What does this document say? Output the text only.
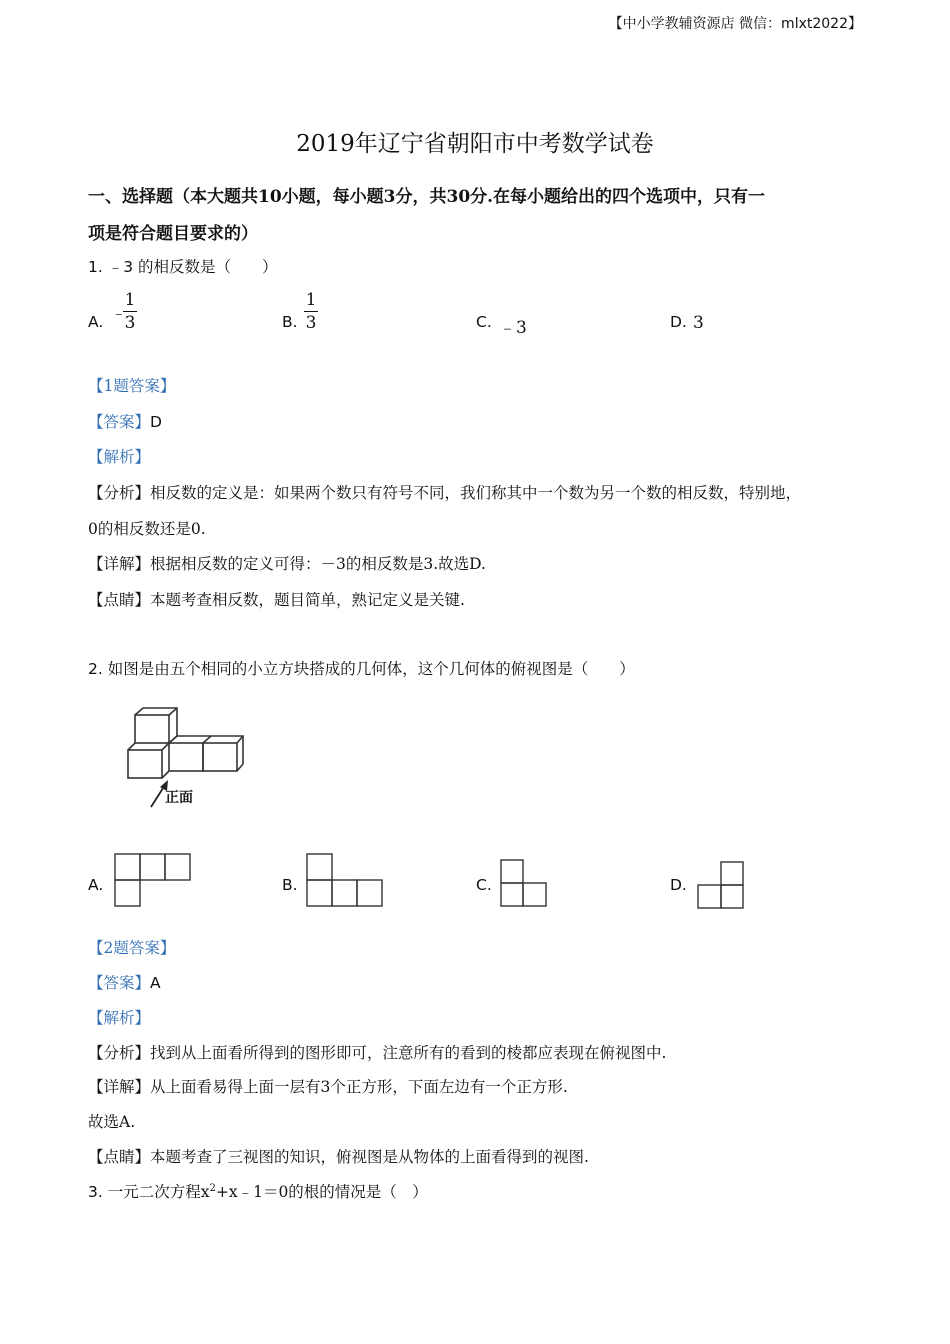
【中小学教辅资源店 微信：mlxt2022】
2019年辽宁省朝阳市中考数学试卷
一、选择题（本大题共10小题，每小题3分，共30分.在每小题给出的四个选项中，只有一
项是符合题目要求的）
1. ﹣3 的相反数是（　　）
A. ﹣
1
3	B.
1
3	C. ﹣3	D. 3
【1题答案】
【答案】D
【解析】
【分析】相反数的定义是：如果两个数只有符号不同，我们称其中一个数为另一个数的相反数，特别地，
0的相反数还是0.
【详解】根据相反数的定义可得：－3的相反数是3.故选D.
【点睛】本题考查相反数，题目简单，熟记定义是关键.
2. 如图是由五个相同的小立方块搭成的几何体，这个几何体的俯视图是（　　）
正面
A.	B.	C.	D.
【2题答案】
【答案】A
【解析】
【分析】找到从上面看所得到的图形即可，注意所有的看到的棱都应表现在俯视图中.
【详解】从上面看易得上面一层有3个正方形，下面左边有一个正方形.
故选A.
【点睛】本题考查了三视图的知识，俯视图是从物体的上面看得到的视图.
3. 一元二次方程$x^2+x﹣1=0$的根的情况是（　）
